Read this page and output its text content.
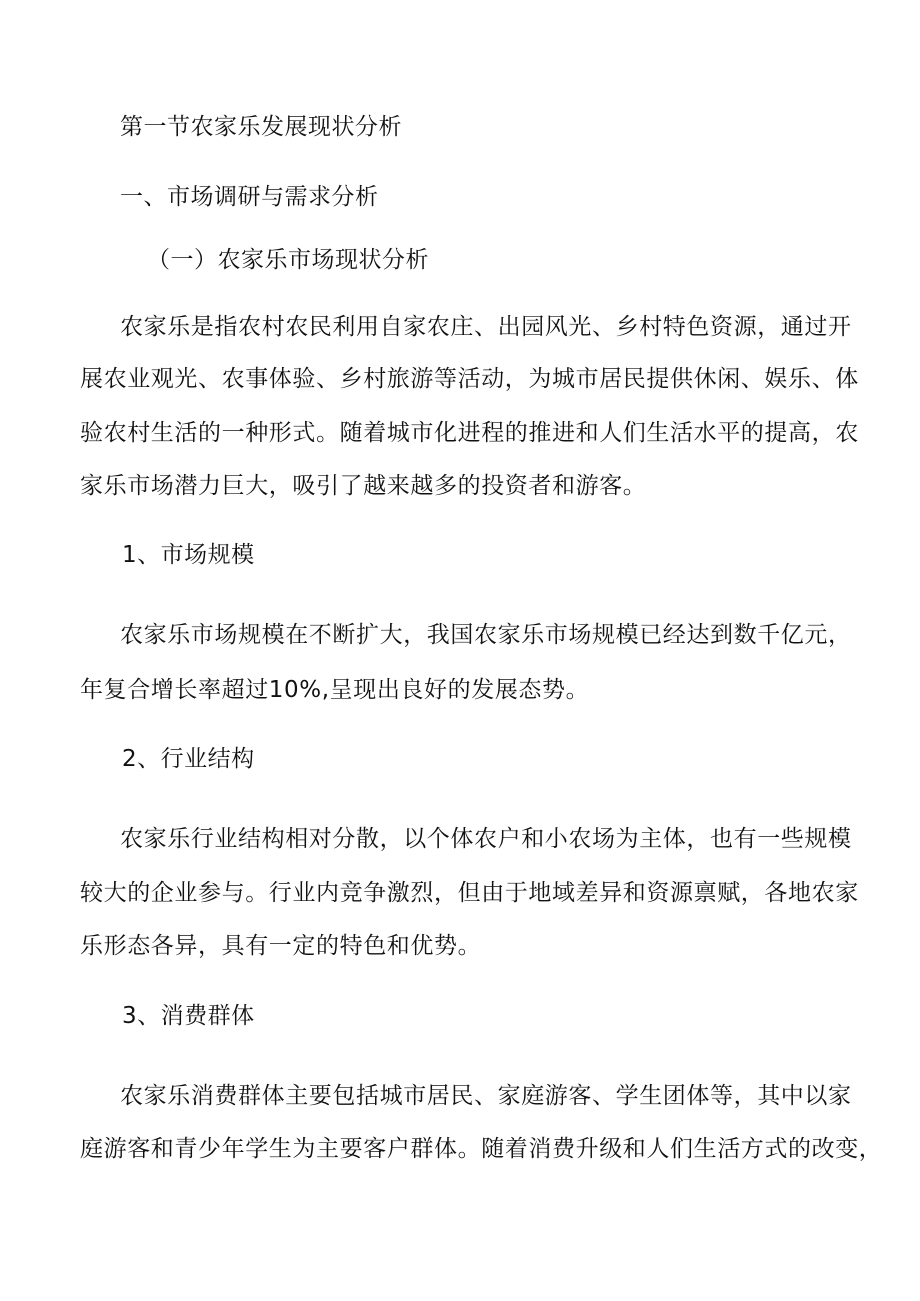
第一节农家乐发展现状分析
一、市场调研与需求分析
（一）农家乐市场现状分析
农家乐是指农村农民利用自家农庄、出园风光、乡村特色资源，通过开
展农业观光、农事体验、乡村旅游等活动，为城市居民提供休闲、娱乐、体
验农村生活的一种形式。随着城市化进程的推进和人们生活水平的提高，农
家乐市场潜力巨大，吸引了越来越多的投资者和游客。
1、市场规模
农家乐市场规模在不断扩大，我国农家乐市场规模已经达到数千亿元，
年复合增长率超过10%,呈现出良好的发展态势。
2、行业结构
农家乐行业结构相对分散，以个体农户和小农场为主体，也有一些规模
较大的企业参与。行业内竞争激烈，但由于地域差异和资源禀赋，各地农家
乐形态各异，具有一定的特色和优势。
3、消费群体
农家乐消费群体主要包括城市居民、家庭游客、学生团体等，其中以家
庭游客和青少年学生为主要客户群体。随着消费升级和人们生活方式的改变，
